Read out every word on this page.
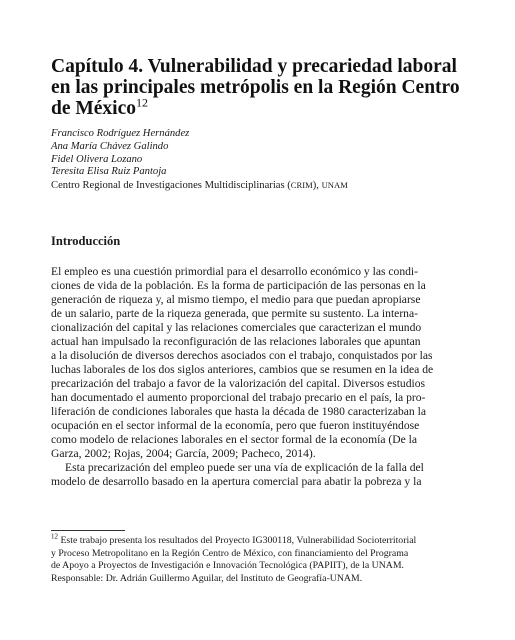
Capítulo 4. Vulnerabilidad y precariedad laboral
en las principales metrópolis en la Región Centro
de México$^{12}$
Francisco Rodríguez Hernández
Ana María Chávez Galindo
Fidel Olivera Lozano
Teresita Elisa Ruiz Pantoja
Centro Regional de Investigaciones Multidisciplinarias (CRIM), UNAM
Introducción
El empleo es una cuestión primordial para el desarrollo económico y las condi-
ciones de vida de la población. Es la forma de participación de las personas en la
generación de riqueza y, al mismo tiempo, el medio para que puedan apropiarse
de un salario, parte de la riqueza generada, que permite su sustento. La interna-
cionalización del capital y las relaciones comerciales que caracterizan el mundo
actual han impulsado la reconfiguración de las relaciones laborales que apuntan
a la disolución de diversos derechos asociados con el trabajo, conquistados por las
luchas laborales de los dos siglos anteriores, cambios que se resumen en la idea de
precarización del trabajo a favor de la valorización del capital. Diversos estudios
han documentado el aumento proporcional del trabajo precario en el país, la pro-
liferación de condiciones laborales que hasta la década de 1980 caracterizaban la
ocupación en el sector informal de la economía, pero que fueron instituyéndose
como modelo de relaciones laborales en el sector formal de la economía (De la
Garza, 2002; Rojas, 2004; García, 2009; Pacheco, 2014).
Esta precarización del empleo puede ser una vía de explicación de la falla del
modelo de desarrollo basado en la apertura comercial para abatir la pobreza y la
$^{12}$ Este trabajo presenta los resultados del Proyecto IG300118, Vulnerabilidad Socioterritorial
y Proceso Metropolitano en la Región Centro de México, con financiamiento del Programa
de Apoyo a Proyectos de Investigación e Innovación Tecnológica (PAPIIT), de la UNAM.
Responsable: Dr. Adrián Guillermo Aguilar, del Instituto de Geografía-UNAM.
